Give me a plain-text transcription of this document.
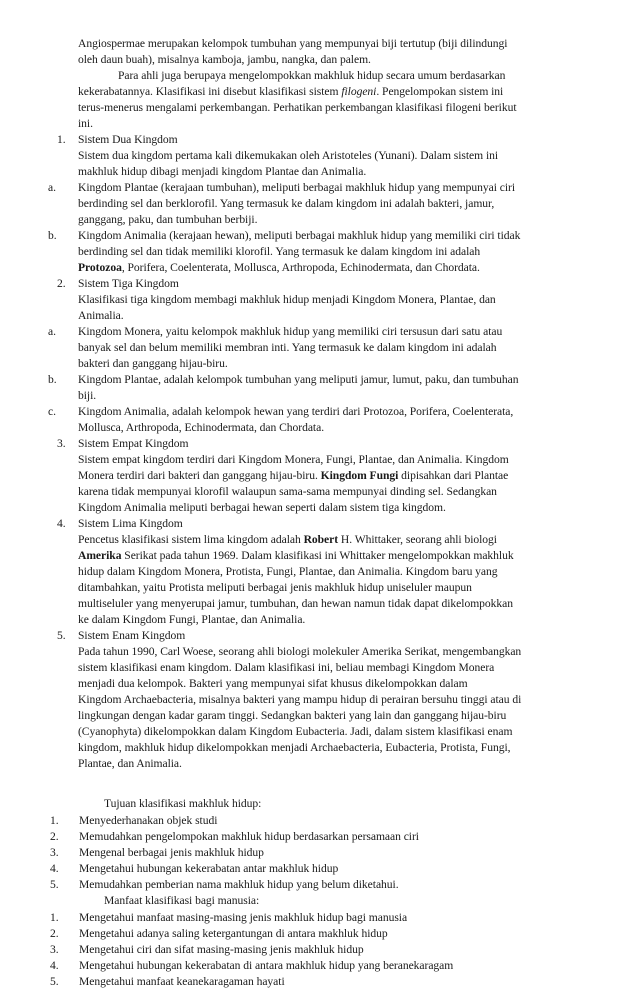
Angiospermae merupakan kelompok tumbuhan yang mempunyai biji tertutup (biji dilindungi
oleh daun buah), misalnya kamboja, jambu, nangka, dan palem.
Para ahli juga berupaya mengelompokkan makhluk hidup secara umum berdasarkan
kekerabatannya. Klasifikasi ini disebut klasifikasi sistem filogeni. Pengelompokan sistem ini
terus-menerus mengalami perkembangan. Perhatikan perkembangan klasifikasi filogeni berikut
ini.
1. Sistem Dua Kingdom
Sistem dua kingdom pertama kali dikemukakan oleh Aristoteles (Yunani). Dalam sistem ini
makhluk hidup dibagi menjadi kingdom Plantae dan Animalia.
a. Kingdom Plantae (kerajaan tumbuhan), meliputi berbagai makhluk hidup yang mempunyai ciri
berdinding sel dan berklorofil. Yang termasuk ke dalam kingdom ini adalah bakteri, jamur,
ganggang, paku, dan tumbuhan berbiji.
b. Kingdom Animalia (kerajaan hewan), meliputi berbagai makhluk hidup yang memiliki ciri tidak
berdinding sel dan tidak memiliki klorofil. Yang termasuk ke dalam kingdom ini adalah
Protozoa, Porifera, Coelenterata, Mollusca, Arthropoda, Echinodermata, dan Chordata.
2. Sistem Tiga Kingdom
Klasifikasi tiga kingdom membagi makhluk hidup menjadi Kingdom Monera, Plantae, dan
Animalia.
a. Kingdom Monera, yaitu kelompok makhluk hidup yang memiliki ciri tersusun dari satu atau
banyak sel dan belum memiliki membran inti. Yang termasuk ke dalam kingdom ini adalah
bakteri dan ganggang hijau-biru.
b. Kingdom Plantae, adalah kelompok tumbuhan yang meliputi jamur, lumut, paku, dan tumbuhan
biji.
c. Kingdom Animalia, adalah kelompok hewan yang terdiri dari Protozoa, Porifera, Coelenterata,
Mollusca, Arthropoda, Echinodermata, dan Chordata.
3. Sistem Empat Kingdom
Sistem empat kingdom terdiri dari Kingdom Monera, Fungi, Plantae, dan Animalia. Kingdom
Monera terdiri dari bakteri dan ganggang hijau-biru. Kingdom Fungi dipisahkan dari Plantae
karena tidak mempunyai klorofil walaupun sama-sama mempunyai dinding sel. Sedangkan
Kingdom Animalia meliputi berbagai hewan seperti dalam sistem tiga kingdom.
4. Sistem Lima Kingdom
Pencetus klasifikasi sistem lima kingdom adalah Robert H. Whittaker, seorang ahli biologi
Amerika Serikat pada tahun 1969. Dalam klasifikasi ini Whittaker mengelompokkan makhluk
hidup dalam Kingdom Monera, Protista, Fungi, Plantae, dan Animalia. Kingdom baru yang
ditambahkan, yaitu Protista meliputi berbagai jenis makhluk hidup uniseluler maupun
multiseluler yang menyerupai jamur, tumbuhan, dan hewan namun tidak dapat dikelompokkan
ke dalam Kingdom Fungi, Plantae, dan Animalia.
5. Sistem Enam Kingdom
Pada tahun 1990, Carl Woese, seorang ahli biologi molekuler Amerika Serikat, mengembangkan
sistem klasifikasi enam kingdom. Dalam klasifikasi ini, beliau membagi Kingdom Monera
menjadi dua kelompok. Bakteri yang mempunyai sifat khusus dikelompokkan dalam
Kingdom Archaebacteria, misalnya bakteri yang mampu hidup di perairan bersuhu tinggi atau di
lingkungan dengan kadar garam tinggi. Sedangkan bakteri yang lain dan ganggang hijau-biru
(Cyanophyta) dikelompokkan dalam Kingdom Eubacteria. Jadi, dalam sistem klasifikasi enam
kingdom, makhluk hidup dikelompokkan menjadi Archaebacteria, Eubacteria, Protista, Fungi,
Plantae, dan Animalia.
Tujuan klasifikasi makhluk hidup:
1. Menyederhanakan objek studi
2. Memudahkan pengelompokan makhluk hidup berdasarkan persamaan ciri
3. Mengenal berbagai jenis makhluk hidup
4. Mengetahui hubungan kekerabatan antar makhluk hidup
5. Memudahkan pemberian nama makhluk hidup yang belum diketahui.
Manfaat klasifikasi bagi manusia:
1. Mengetahui manfaat masing-masing jenis makhluk hidup bagi manusia
2. Mengetahui adanya saling ketergantungan di antara makhluk hidup
3. Mengetahui ciri dan sifat masing-masing jenis makhluk hidup
4. Mengetahui hubungan kekerabatan di antara makhluk hidup yang beranekaragam
5. Mengetahui manfaat keanekaragaman hayati
